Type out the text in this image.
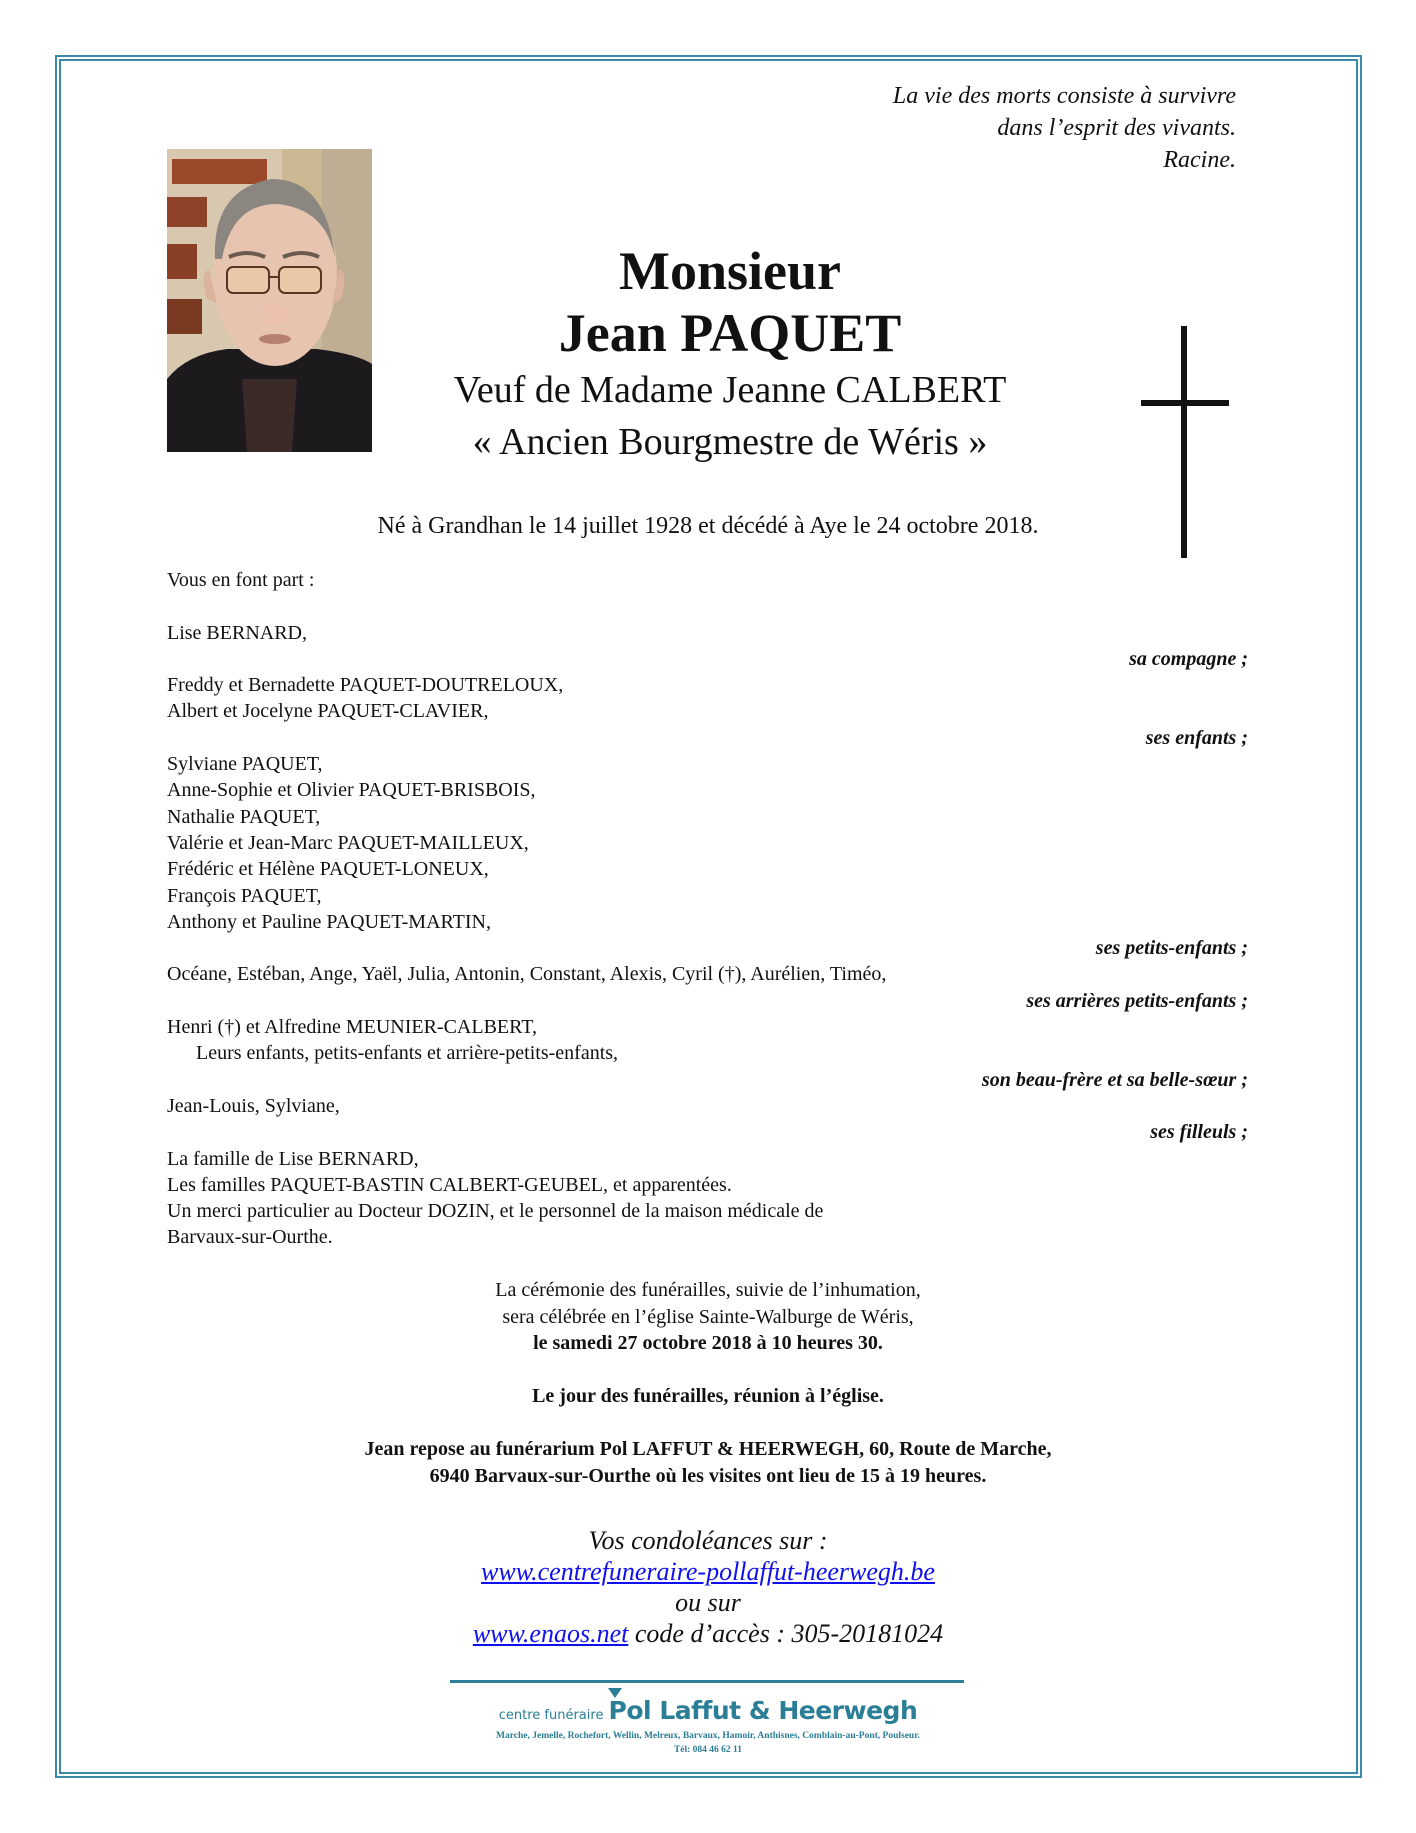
La vie des morts consiste à survivre
dans l’esprit des vivants.
Racine.
Monsieur
Jean PAQUET
Veuf de Madame Jeanne CALBERT
« Ancien Bourgmestre de Wéris »
Né à Grandhan le 14 juillet 1928 et décédé à Aye le 24 octobre 2018.
Vous en font part :
Lise BERNARD,
sa compagne ;
Freddy et Bernadette PAQUET-DOUTRELOUX,
Albert et Jocelyne PAQUET-CLAVIER,
ses enfants ;
Sylviane PAQUET,
Anne-Sophie et Olivier PAQUET-BRISBOIS,
Nathalie PAQUET,
Valérie et Jean-Marc PAQUET-MAILLEUX,
Frédéric et Hélène PAQUET-LONEUX,
François PAQUET,
Anthony et Pauline PAQUET-MARTIN,
ses petits-enfants ;
Océane, Estéban, Ange, Yaël, Julia, Antonin, Constant, Alexis, Cyril (†), Aurélien, Timéo,
ses arrières petits-enfants ;
Henri (†) et Alfredine MEUNIER-CALBERT,
Leurs enfants, petits-enfants et arrière-petits-enfants,
son beau-frère et sa belle-sœur ;
Jean-Louis, Sylviane,
ses filleuls ;
La famille de Lise BERNARD,
Les familles PAQUET-BASTIN CALBERT-GEUBEL, et apparentées.
Un merci particulier au Docteur DOZIN, et le personnel de la maison médicale de
Barvaux-sur-Ourthe.
La cérémonie des funérailles, suivie de l’inhumation,
sera célébrée en l’église Sainte-Walburge de Wéris,
le samedi 27 octobre 2018 à 10 heures 30.
Le jour des funérailles, réunion à l’église.
Jean repose au funérarium Pol LAFFUT & HEERWEGH, 60, Route de Marche,
6940 Barvaux-sur-Ourthe où les visites ont lieu de 15 à 19 heures.
Vos condoléances sur :
www.centrefuneraire-pollaffut-heerwegh.be
ou sur
www.enaos.net code d’accès : 305-20181024
centre funéraire Pol Laffut & Heerwegh
Marche, Jemelle, Rochefort, Wellin, Melreux, Barvaux, Hamoir, Anthisnes, Comblain-au-Pont, Poulseur.
Tél: 084 46 62 11
